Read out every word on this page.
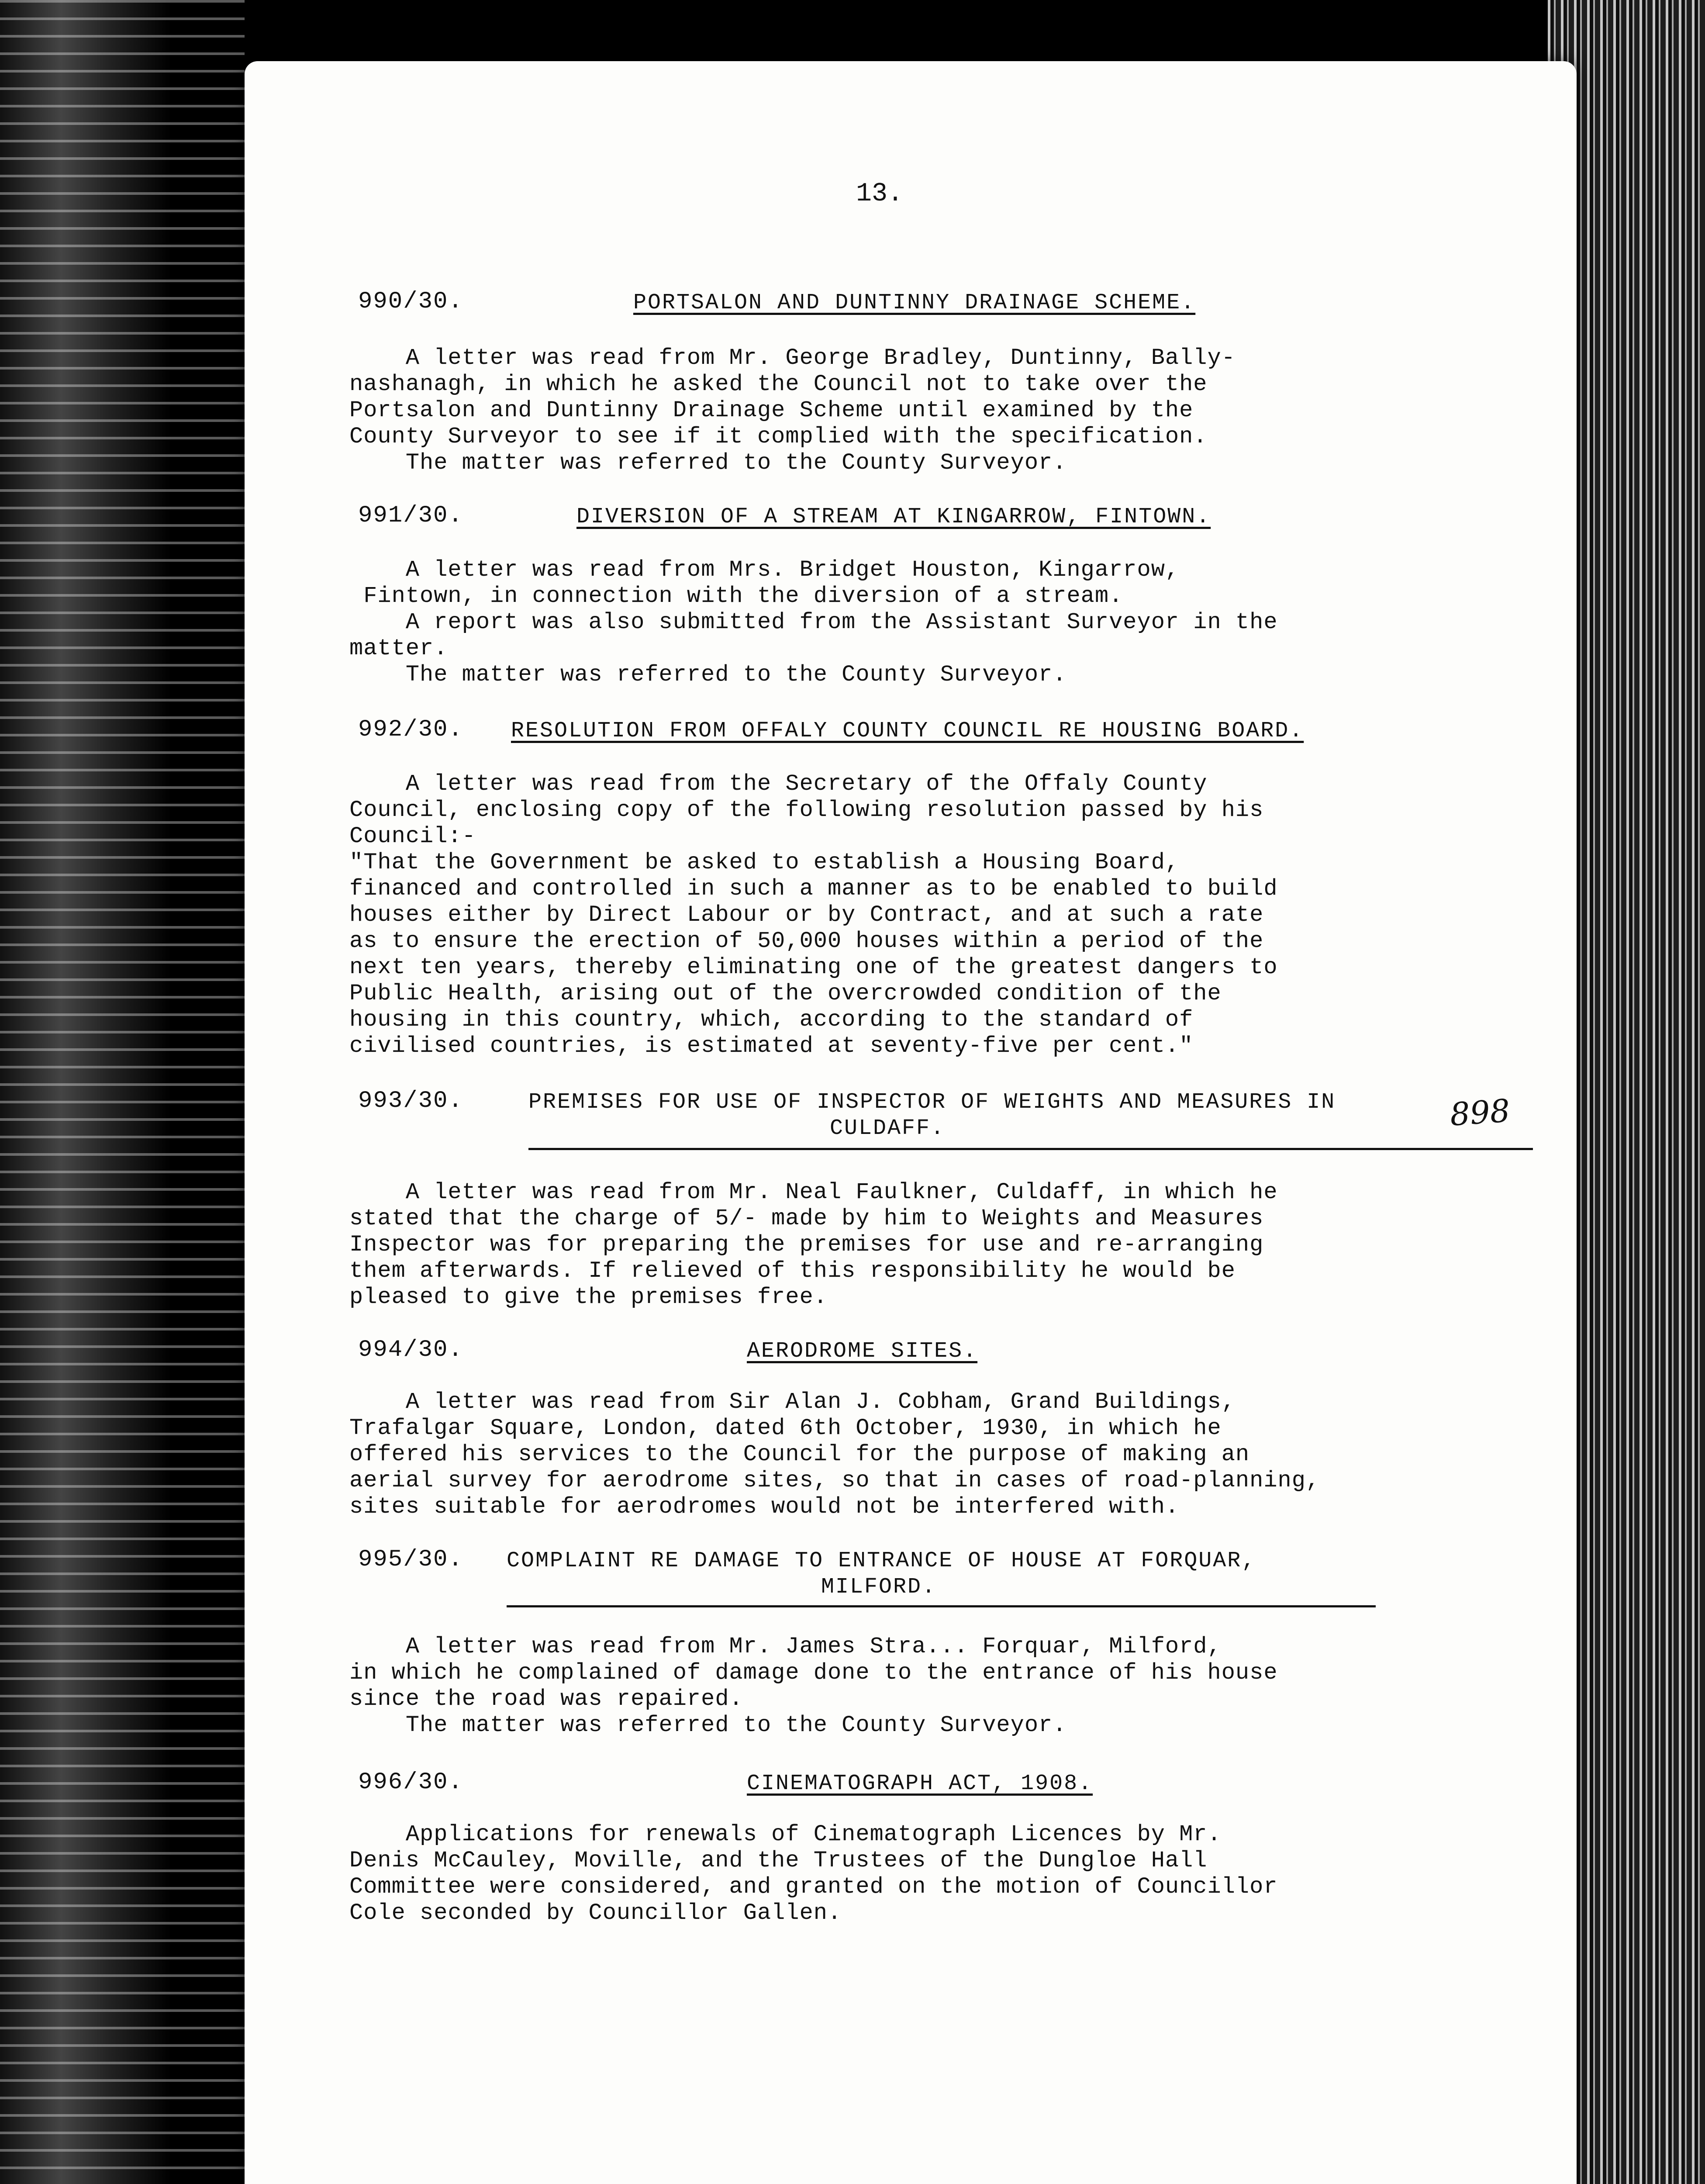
13.
990/30.	PORTSALON AND DUNTINNY DRAINAGE SCHEME.
A letter was read from Mr. George Bradley, Duntinny, Bally-
nashanagh, in which he asked the Council not to take over the
Portsalon and Duntinny Drainage Scheme until examined by the
County Surveyor to see if it complied with the specification.
The matter was referred to the County Surveyor.
991/30.	DIVERSION OF A STREAM AT KINGARROW, FINTOWN.
A letter was read from Mrs. Bridget Houston, Kingarrow,
Fintown, in connection with the diversion of a stream.
A report was also submitted from the Assistant Surveyor in the
matter.
The matter was referred to the County Surveyor.
992/30. RESOLUTION FROM OFFALY COUNTY COUNCIL RE HOUSING BOARD.
A letter was read from the Secretary of the Offaly County
Council, enclosing copy of the following resolution passed by his
Council:-
"That the Government be asked to establish a Housing Board,
financed and controlled in such a manner as to be enabled to build
houses either by Direct Labour or by Contract, and at such a rate
as to ensure the erection of 50,000 houses within a period of the
next ten years, thereby eliminating one of the greatest dangers to
Public Health, arising out of the overcrowded condition of the
housing in this country, which, according to the standard of
civilised countries, is estimated at seventy-five per cent."
993/30.	PREMISES FOR USE OF INSPECTOR OF WEIGHTS AND MEASURES IN
CULDAFF.	898
A letter was read from Mr. Neal Faulkner, Culdaff, in which he
stated that the charge of 5/- made by him to Weights and Measures
Inspector was for preparing the premises for use and re-arranging
them afterwards. If relieved of this responsibility he would be
pleased to give the premises free.
994/30.	AERODROME SITES.
A letter was read from Sir Alan J. Cobham, Grand Buildings,
Trafalgar Square, London, dated 6th October, 1930, in which he
offered his services to the Council for the purpose of making an
aerial survey for aerodrome sites, so that in cases of road-planning,
sites suitable for aerodromes would not be interfered with.
995/30. COMPLAINT RE DAMAGE TO ENTRANCE OF HOUSE AT FORQUAR,
MILFORD.
A letter was read from Mr. James Stra... Forquar, Milford,
in which he complained of damage done to the entrance of his house
since the road was repaired.
The matter was referred to the County Surveyor.
996/30.	CINEMATOGRAPH ACT, 1908.
Applications for renewals of Cinematograph Licences by Mr.
Denis McCauley, Moville, and the Trustees of the Dungloe Hall
Committee were considered, and granted on the motion of Councillor
Cole seconded by Councillor Gallen.
